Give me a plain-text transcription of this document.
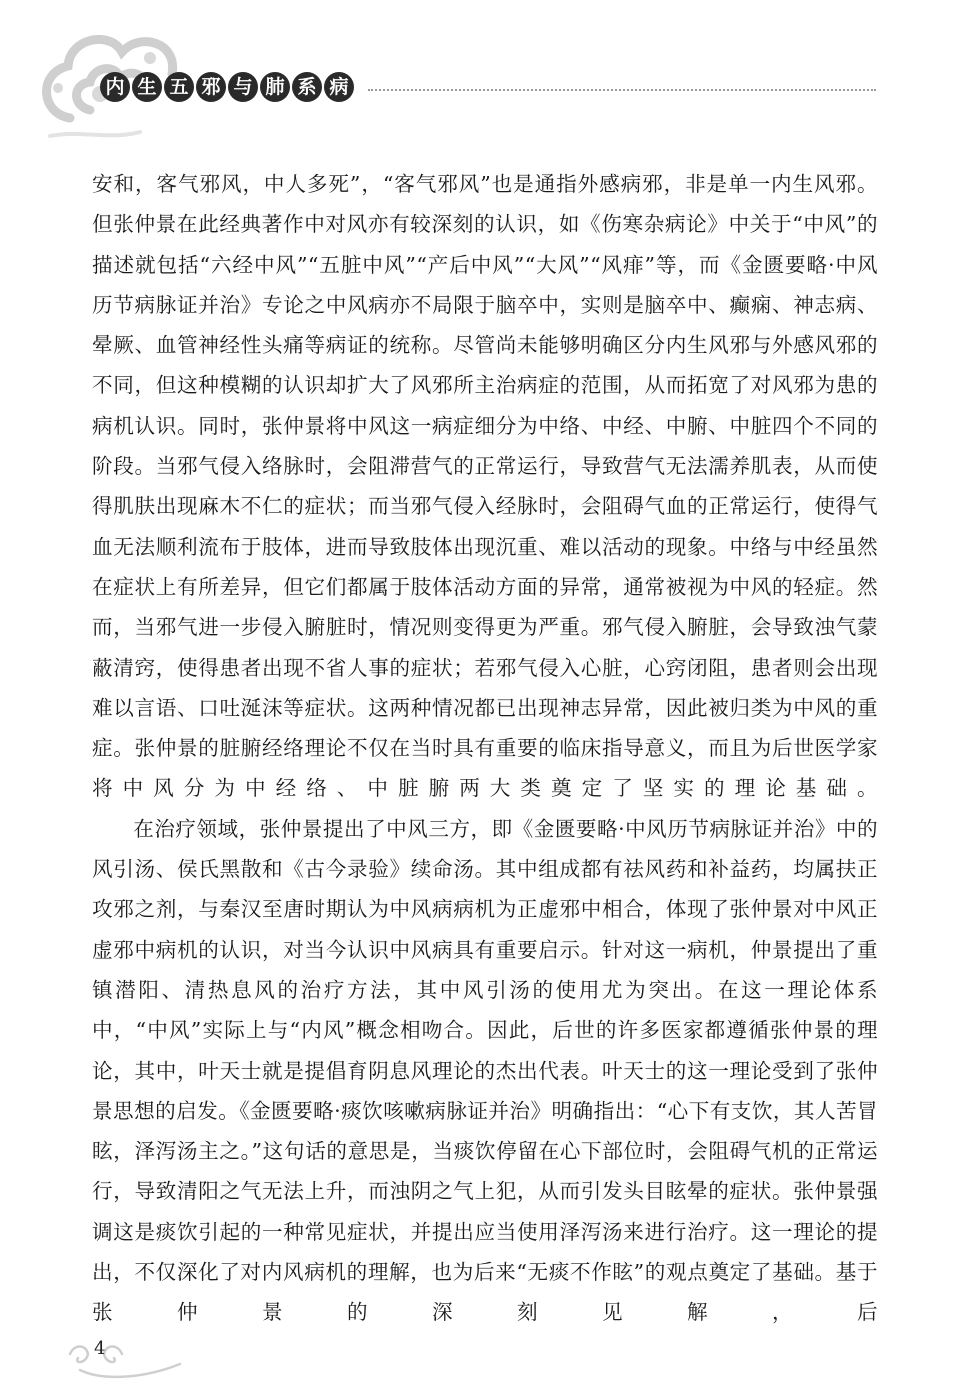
内 生 五 邪 与 肺 系 病

安和，客气邪风，中人多死”，“客气邪风”也是通指外感病邪，非是单一内生风邪。但张仲景在此经典著作中对风亦有较深刻的认识，如《伤寒杂病论》中关于“中风”的描述就包括“六经中风”“五脏中风”“产后中风”“大风”“风痱”等，而《金匮要略·中风历节病脉证并治》专论之中风病亦不局限于脑卒中，实则是脑卒中、癫痫、神志病、晕厥、血管神经性头痛等病证的统称。尽管尚未能够明确区分内生风邪与外感风邪的不同，但这种模糊的认识却扩大了风邪所主治病症的范围，从而拓宽了对风邪为患的病机认识。同时，张仲景将中风这一病症细分为中络、中经、中腑、中脏四个不同的阶段。当邪气侵入络脉时，会阻滞营气的正常运行，导致营气无法濡养肌表，从而使得肌肤出现麻木不仁的症状；而当邪气侵入经脉时，会阻碍气血的正常运行，使得气血无法顺利流布于肢体，进而导致肢体出现沉重、难以活动的现象。中络与中经虽然在症状上有所差异，但它们都属于肢体活动方面的异常，通常被视为中风的轻症。然而，当邪气进一步侵入腑脏时，情况则变得更为严重。邪气侵入腑脏，会导致浊气蒙蔽清窍，使得患者出现不省人事的症状；若邪气侵入心脏，心窍闭阻，患者则会出现难以言语、口吐涎沫等症状。这两种情况都已出现神志异常，因此被归类为中风的重症。张仲景的脏腑经络理论不仅在当时具有重要的临床指导意义，而且为后世医学家将中风分为中经络、中脏腑两大类奠定了坚实的理论基础。

在治疗领域，张仲景提出了中风三方，即《金匮要略·中风历节病脉证并治》中的风引汤、侯氏黑散和《古今录验》续命汤。其中组成都有祛风药和补益药，均属扶正攻邪之剂，与秦汉至唐时期认为中风病病机为正虚邪中相合，体现了张仲景对中风正虚邪中病机的认识，对当今认识中风病具有重要启示。针对这一病机，仲景提出了重镇潜阳、清热息风的治疗方法，其中风引汤的使用尤为突出。在这一理论体系中，“中风”实际上与“内风”概念相吻合。因此，后世的许多医家都遵循张仲景的理论，其中，叶天士就是提倡育阴息风理论的杰出代表。叶天士的这一理论受到了张仲景思想的启发。《金匮要略·痰饮咳嗽病脉证并治》明确指出：“心下有支饮，其人苦冒眩，泽泻汤主之。”这句话的意思是，当痰饮停留在心下部位时，会阻碍气机的正常运行，导致清阳之气无法上升，而浊阴之气上犯，从而引发头目眩晕的症状。张仲景强调这是痰饮引起的一种常见症状，并提出应当使用泽泻汤来进行治疗。这一理论的提出，不仅深化了对内风病机的理解，也为后来“无痰不作眩”的观点奠定了基础。基于张仲景的深刻见解，后

4
